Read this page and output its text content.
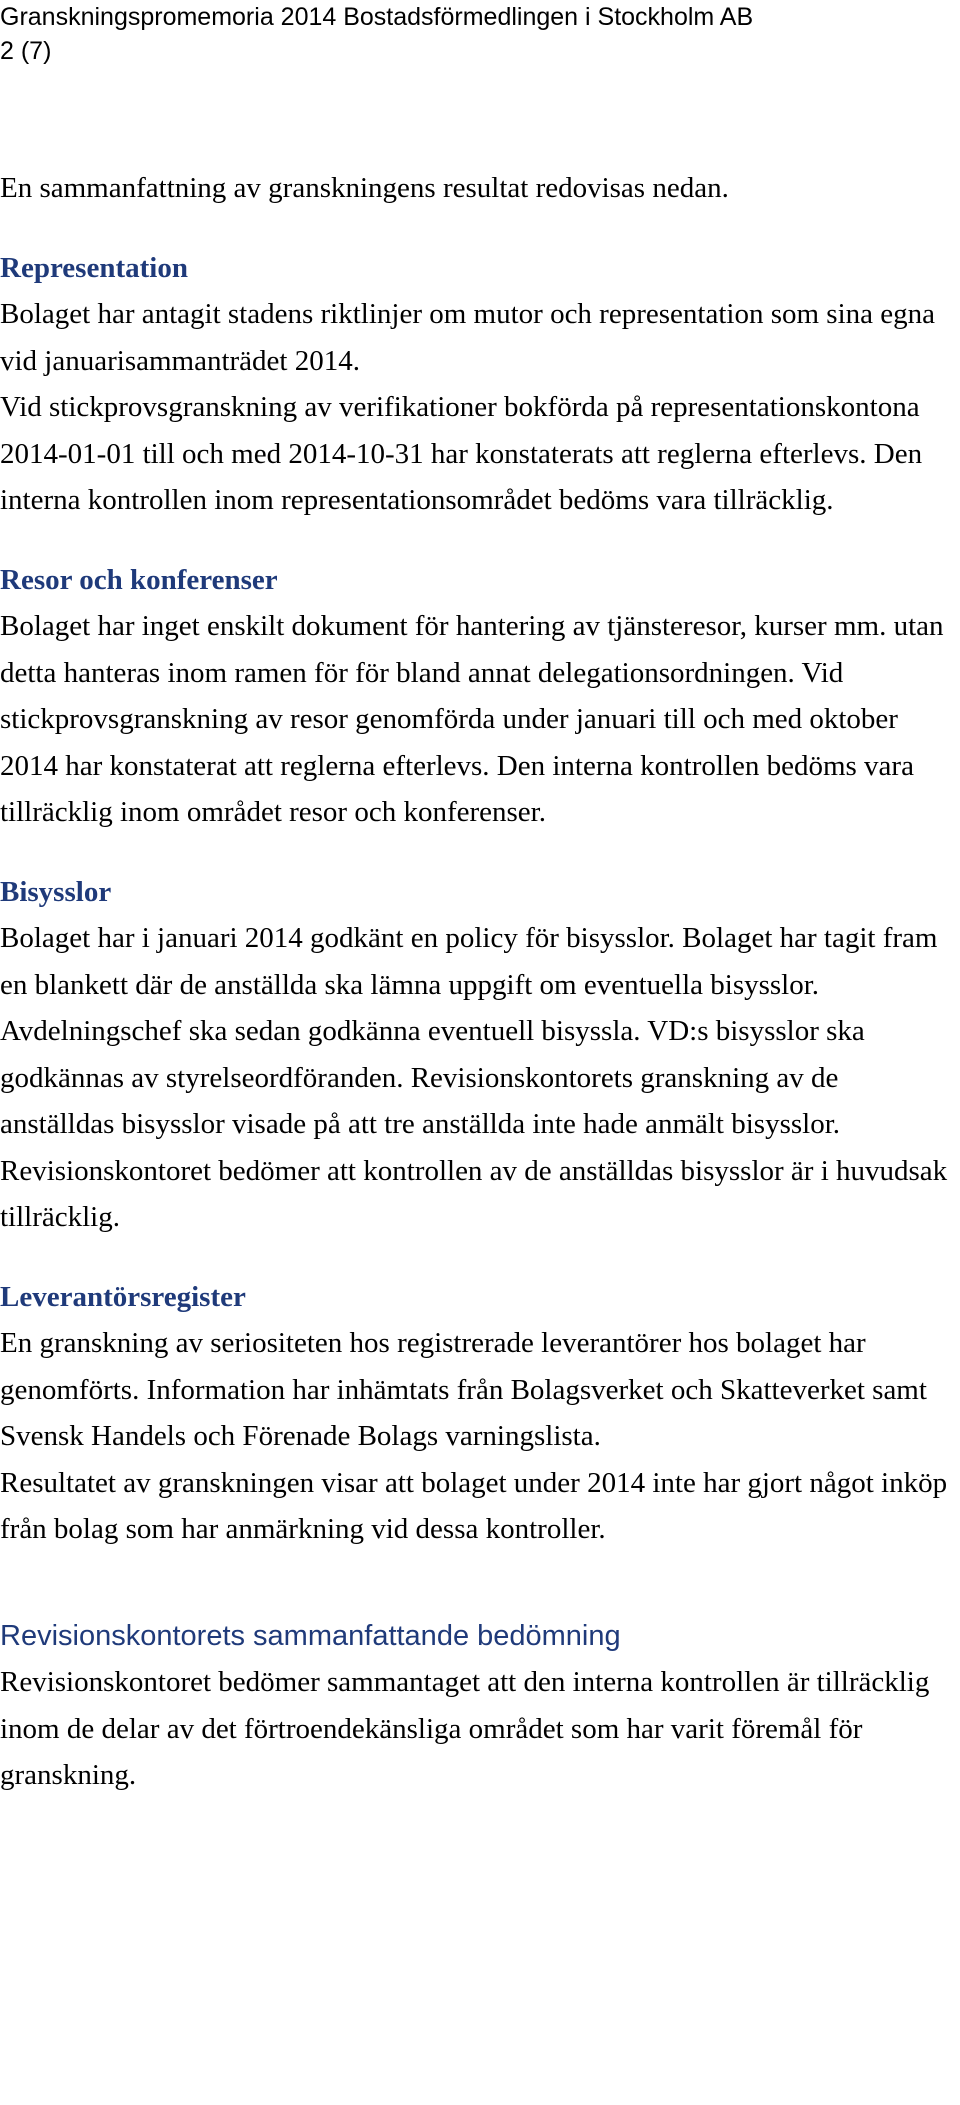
Granskningspromemoria 2014 Bostadsförmedlingen i Stockholm AB
2 (7)

En sammanfattning av granskningens resultat redovisas nedan.

Representation

Bolaget har antagit stadens riktlinjer om mutor och representation som sina egna vid januarisammanträdet 2014.

Vid stickprovsgranskning av verifikationer bokförda på representationskontona 2014-01-01 till och med 2014-10-31 har konstaterats att reglerna efterlevs. Den interna kontrollen inom representationsområdet bedöms vara tillräcklig.

Resor och konferenser

Bolaget har inget enskilt dokument för hantering av tjänsteresor, kurser mm. utan detta hanteras inom ramen för för bland annat delegationsordningen. Vid stickprovsgranskning av resor genomförda under januari till och med oktober 2014 har konstaterat att reglerna efterlevs. Den interna kontrollen bedöms vara tillräcklig inom området resor och konferenser.

Bisysslor

Bolaget har i januari 2014 godkänt en policy för bisysslor. Bolaget har tagit fram en blankett där de anställda ska lämna uppgift om eventuella bisysslor. Avdelningschef ska sedan godkänna eventuell bisyssla. VD:s bisysslor ska godkännas av styrelseordföranden. Revisionskontorets granskning av de anställdas bisysslor visade på att tre anställda inte hade anmält bisysslor. Revisionskontoret bedömer att kontrollen av de anställdas bisysslor är i huvudsak tillräcklig.

Leverantörsregister

En granskning av seriositeten hos registrerade leverantörer hos bolaget har genomförts. Information har inhämtats från Bolagsverket och Skatteverket samt Svensk Handels och Förenade Bolags varningslista.

Resultatet av granskningen visar att bolaget under 2014 inte har gjort något inköp från bolag som har anmärkning vid dessa kontroller.

Revisionskontorets sammanfattande bedömning

Revisionskontoret bedömer sammantaget att den interna kontrollen är tillräcklig inom de delar av det förtroendekänsliga området som har varit föremål för granskning.
